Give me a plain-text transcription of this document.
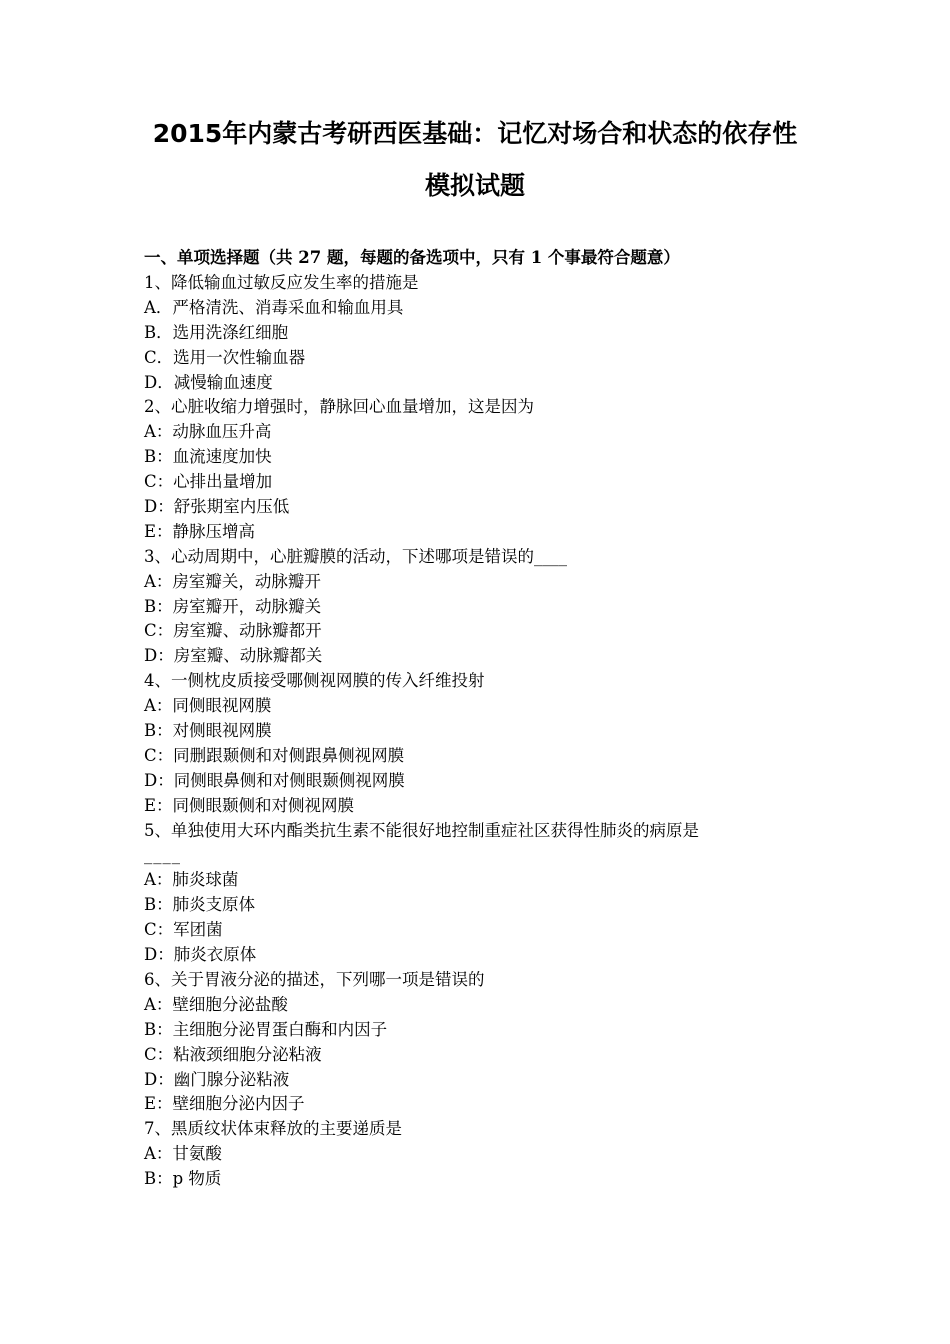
2015年内蒙古考研西医基础：记忆对场合和状态的依存性
模拟试题
一、单项选择题（共 27 题，每题的备选项中，只有 1 个事最符合题意）
1、降低输血过敏反应发生率的措施是
A．严格清洗、消毒采血和输血用具
B．选用洗涤红细胞
C．选用一次性输血器
D．减慢输血速度
2、心脏收缩力增强时，静脉回心血量增加，这是因为
A：动脉血压升高
B：血流速度加快
C：心排出量增加
D：舒张期室内压低
E：静脉压增高
3、心动周期中，心脏瓣膜的活动，下述哪项是错误的____
A：房室瓣关，动脉瓣开
B：房室瓣开，动脉瓣关
C：房室瓣、动脉瓣都开
D：房室瓣、动脉瓣都关
4、一侧枕皮质接受哪侧视网膜的传入纤维投射
A：同侧眼视网膜
B：对侧眼视网膜
C：同删跟颞侧和对侧跟鼻侧视网膜
D：同侧眼鼻侧和对侧眼颞侧视网膜
E：同侧眼颞侧和对侧视网膜
5、单独使用大环内酯类抗生素不能很好地控制重症社区获得性肺炎的病原是
____
A：肺炎球菌
B：肺炎支原体
C：军团菌
D：肺炎衣原体
6、关于胃液分泌的描述，下列哪一项是错误的
A：壁细胞分泌盐酸
B：主细胞分泌胃蛋白酶和内因子
C：粘液颈细胞分泌粘液
D：幽门腺分泌粘液
E：壁细胞分泌内因子
7、黑质纹状体束释放的主要递质是
A：甘氨酸
B：p 物质
